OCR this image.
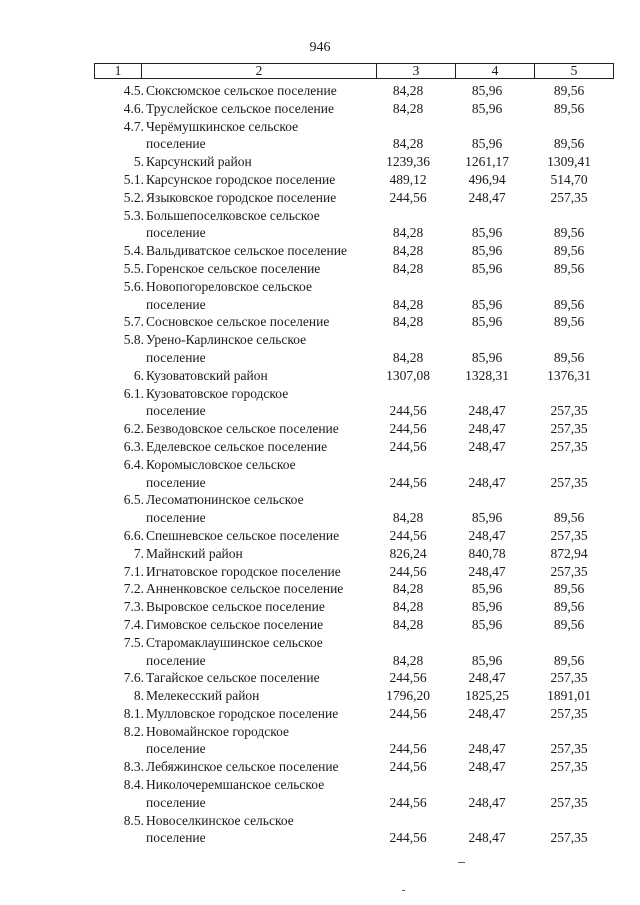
946
1	2	3	4	5
4.5. Сюксюмское сельское поселение	84,28	85,96	89,56
4.6. Труслейское сельское поселение	84,28	85,96	89,56
4.7. Черёмушкинское сельское
поселение	84,28	85,96	89,56
5. Карсунский район	1239,36	1261,17	1309,41
5.1. Карсунское городское поселение	489,12	496,94	514,70
5.2. Языковское городское поселение	244,56	248,47	257,35
5.3. Большепоселковское сельское
поселение	84,28	85,96	89,56
5.4. Вальдиватское сельское поселение	84,28	85,96	89,56
5.5. Горенское сельское поселение	84,28	85,96	89,56
5.6. Новопогореловское сельское
поселение	84,28	85,96	89,56
5.7. Сосновское сельское поселение	84,28	85,96	89,56
5.8. Урено-Карлинское сельское
поселение	84,28	85,96	89,56
6. Кузоватовский район	1307,08	1328,31	1376,31
6.1. Кузоватовское городское
поселение	244,56	248,47	257,35
6.2. Безводовское сельское поселение	244,56	248,47	257,35
6.3. Еделевское сельское поселение	244,56	248,47	257,35
6.4. Коромысловское сельское
поселение	244,56	248,47	257,35
6.5. Лесоматюнинское сельское
поселение	84,28	85,96	89,56
6.6. Спешневское сельское поселение	244,56	248,47	257,35
7. Майнский район	826,24	840,78	872,94
7.1. Игнатовское городское поселение	244,56	248,47	257,35
7.2. Анненковское сельское поселение	84,28	85,96	89,56
7.3. Выровское сельское поселение	84,28	85,96	89,56
7.4. Гимовское сельское поселение	84,28	85,96	89,56
7.5. Старомаклаушинское сельское
поселение	84,28	85,96	89,56
7.6. Тагайское сельское поселение	244,56	248,47	257,35
8. Мелекесский район	1796,20	1825,25	1891,01
8.1. Мулловское городское поселение	244,56	248,47	257,35
8.2. Новомайнское городское
поселение	244,56	248,47	257,35
8.3. Лебяжинское сельское поселение	244,56	248,47	257,35
8.4. Николочеремшанское сельское
поселение	244,56	248,47	257,35
8.5. Новоселкинское сельское
поселение	244,56	248,47	257,35
